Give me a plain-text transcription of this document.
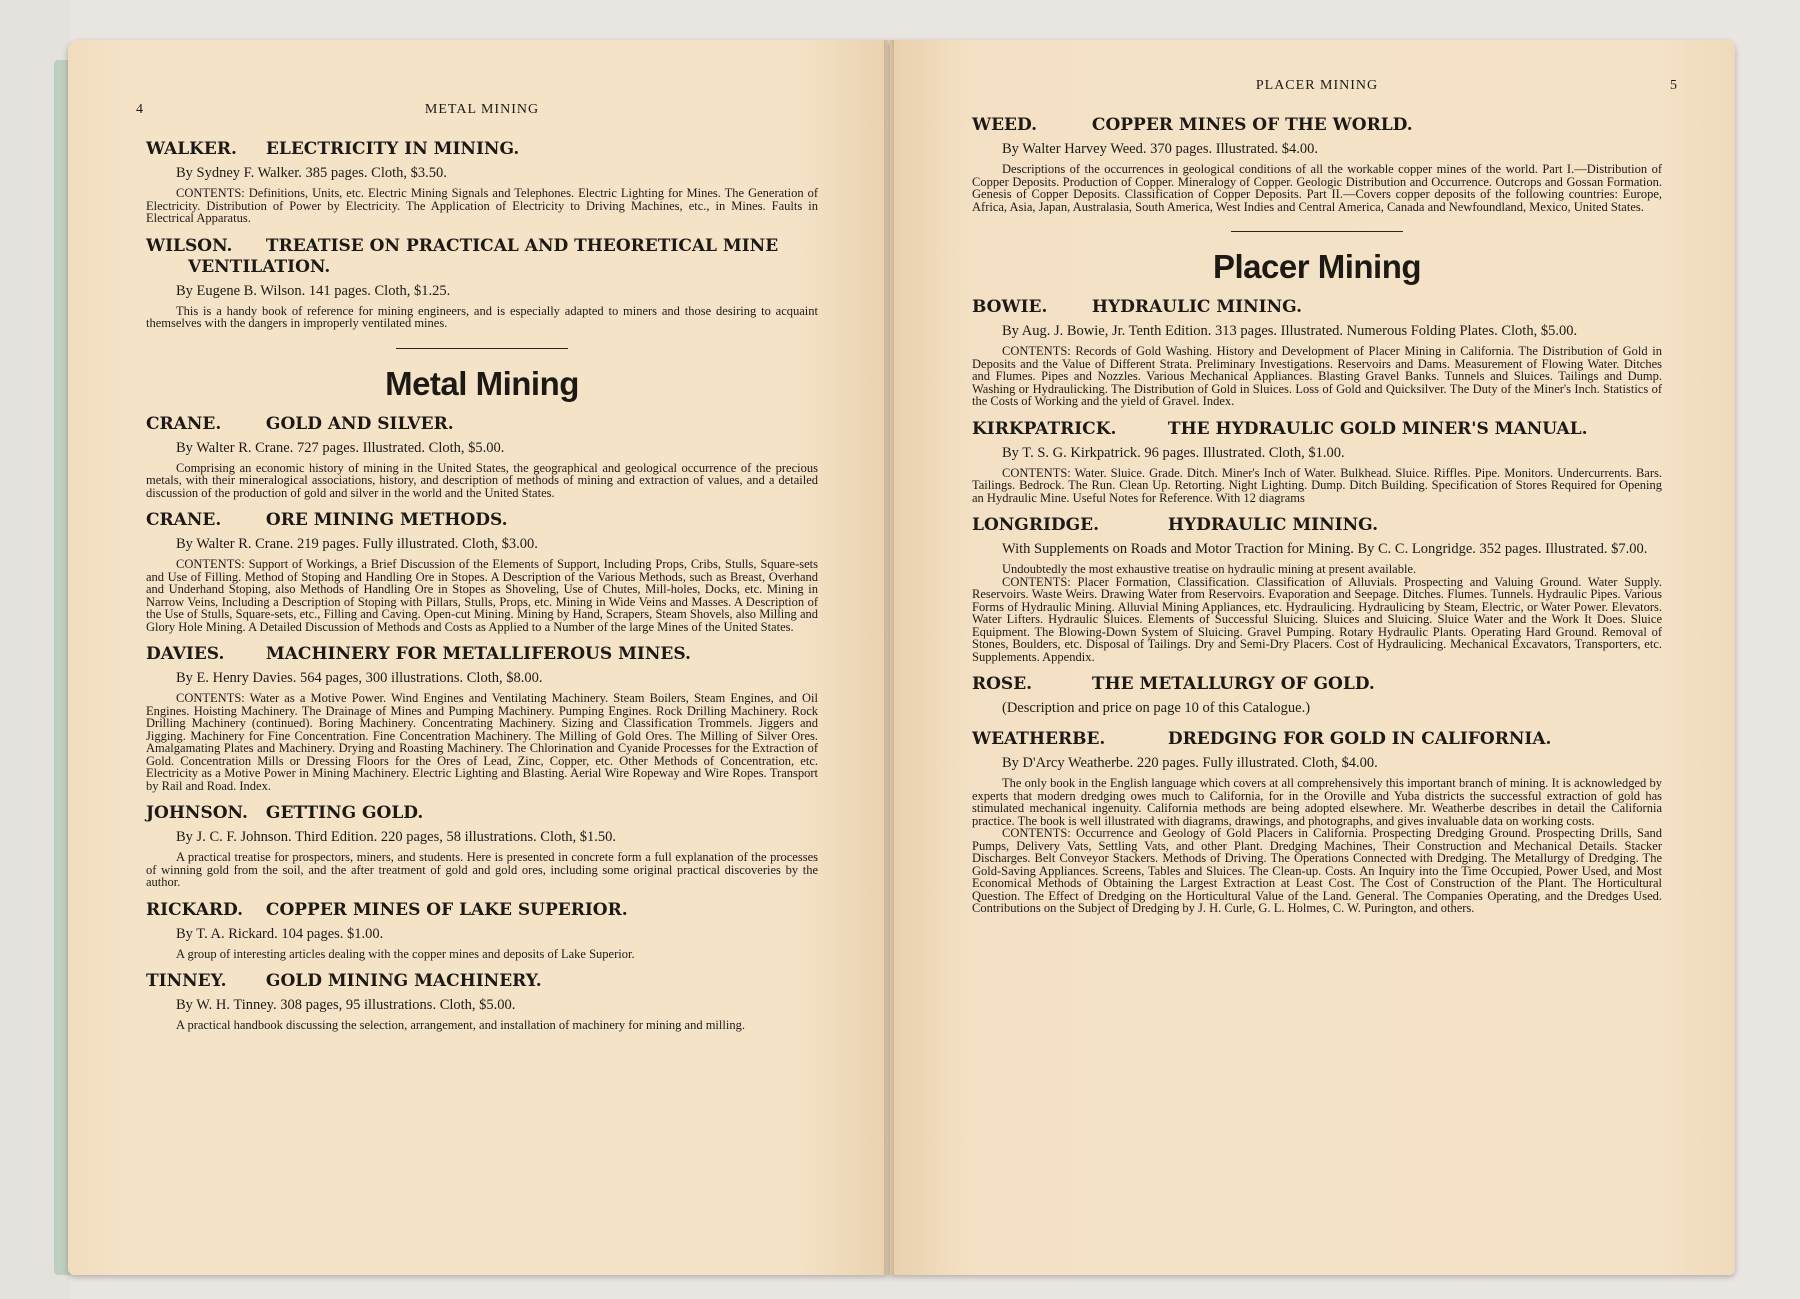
4	METAL MINING
WALKER. ELECTRICITY IN MINING.
By Sydney F. Walker. 385 pages. Cloth, $3.50.
CONTENTS: Definitions, Units, etc. Electric Mining Signals and Telephones. Electric Lighting for Mines. The Generation of Electricity. Distribution of Power by Electricity. The Application of Electricity to Driving Machines, etc., in Mines. Faults in Electrical Apparatus.
WILSON. TREATISE ON PRACTICAL AND THEORETICAL MINE
VENTILATION.
By Eugene B. Wilson. 141 pages. Cloth, $1.25.
This is a handy book of reference for mining engineers, and is especially adapted to miners and those desiring to acquaint themselves with the dangers in improperly ventilated mines.
Metal Mining
CRANE.	GOLD AND SILVER.
By Walter R. Crane. 727 pages. Illustrated. Cloth, $5.00.
Comprising an economic history of mining in the United States, the geographical and geological occurrence of the precious metals, with their mineralogical associations, history, and description of methods of mining and extraction of values, and a detailed discussion of the production of gold and silver in the world and the United States.
CRANE.	ORE MINING METHODS.
By Walter R. Crane. 219 pages. Fully illustrated. Cloth, $3.00.
CONTENTS: Support of Workings, a Brief Discussion of the Elements of Support, Including Props, Cribs, Stulls, Square-sets and Use of Filling. Method of Stoping and Handling Ore in Stopes. A Description of the Various Methods, such as Breast, Overhand and Underhand Stoping, also Methods of Handling Ore in Stopes as Shoveling, Use of Chutes, Mill-holes, Docks, etc. Mining in Narrow Veins, Including a Description of Stoping with Pillars, Stulls, Props, etc. Mining in Wide Veins and Masses. A Description of the Use of Stulls, Square-sets, etc., Filling and Caving. Open-cut Mining. Mining by Hand, Scrapers, Steam Shovels, also Milling and Glory Hole Mining. A Detailed Discussion of Methods and Costs as Applied to a Number of the large Mines of the United States.
DAVIES. MACHINERY FOR METALLIFEROUS MINES.
By E. Henry Davies. 564 pages, 300 illustrations. Cloth, $8.00.
CONTENTS: Water as a Motive Power. Wind Engines and Ventilating Machinery. Steam Boilers, Steam Engines, and Oil Engines. Hoisting Machinery. The Drainage of Mines and Pumping Machinery. Pumping Engines. Rock Drilling Machinery. Rock Drilling Machinery (continued). Boring Machinery. Concentrating Machinery. Sizing and Classification Trommels. Jiggers and Jigging. Machinery for Fine Concentration. Fine Concentration Machinery. The Milling of Gold Ores. The Milling of Silver Ores. Amalgamating Plates and Machinery. Drying and Roasting Machinery. The Chlorination and Cyanide Processes for the Extraction of Gold. Concentration Mills or Dressing Floors for the Ores of Lead, Zinc, Copper, etc. Other Methods of Concentration, etc. Electricity as a Motive Power in Mining Machinery. Electric Lighting and Blasting. Aerial Wire Ropeway and Wire Ropes. Transport by Rail and Road. Index.
JOHNSON. GETTING GOLD.
By J. C. F. Johnson. Third Edition. 220 pages, 58 illustrations. Cloth, $1.50.
A practical treatise for prospectors, miners, and students. Here is presented in concrete form a full explanation of the processes of winning gold from the soil, and the after treatment of gold and gold ores, including some original practical discoveries by the author.
RICKARD. COPPER MINES OF LAKE SUPERIOR.
By T. A. Rickard. 104 pages. $1.00.
A group of interesting articles dealing with the copper mines and deposits of Lake Superior.
TINNEY. GOLD MINING MACHINERY.
By W. H. Tinney. 308 pages, 95 illustrations. Cloth, $5.00.
A practical handbook discussing the selection, arrangement, and installation of machinery for mining and milling.
PLACER MINING	5
WEED.	COPPER MINES OF THE WORLD.
By Walter Harvey Weed. 370 pages. Illustrated. $4.00.
Descriptions of the occurrences in geological conditions of all the workable copper mines of the world. Part I.—Distribution of Copper Deposits. Production of Copper. Mineralogy of Copper. Geologic Distribution and Occurrence. Outcrops and Gossan Formation. Genesis of Copper Deposits. Classification of Copper Deposits. Part II.—Covers copper deposits of the following countries: Europe, Africa, Asia, Japan, Australasia, South America, West Indies and Central America, Canada and Newfoundland, Mexico, United States.
Placer Mining
BOWIE.	HYDRAULIC MINING.
By Aug. J. Bowie, Jr. Tenth Edition. 313 pages. Illustrated. Numerous Folding Plates. Cloth, $5.00.
CONTENTS: Records of Gold Washing. History and Development of Placer Mining in California. The Distribution of Gold in Deposits and the Value of Different Strata. Preliminary Investigations. Reservoirs and Dams. Measurement of Flowing Water. Ditches and Flumes. Pipes and Nozzles. Various Mechanical Appliances. Blasting Gravel Banks. Tunnels and Sluices. Tailings and Dump. Washing or Hydraulicking. The Distribution of Gold in Sluices. Loss of Gold and Quicksilver. The Duty of the Miner's Inch. Statistics of the Costs of Working and the yield of Gravel. Index.
KIRKPATRICK.	THE HYDRAULIC GOLD MINER'S MANUAL.
By T. S. G. Kirkpatrick. 96 pages. Illustrated. Cloth, $1.00.
CONTENTS: Water. Sluice. Grade. Ditch. Miner's Inch of Water. Bulkhead. Sluice. Riffles. Pipe. Monitors. Undercurrents. Bars. Tailings. Bedrock. The Run. Clean Up. Retorting. Night Lighting. Dump. Ditch Building. Specification of Stores Required for Opening an Hydraulic Mine. Useful Notes for Reference. With 12 diagrams
LONGRIDGE.	HYDRAULIC MINING.
With Supplements on Roads and Motor Traction for Mining. By C. C. Longridge. 352 pages. Illustrated. $7.00.
Undoubtedly the most exhaustive treatise on hydraulic mining at present available.
CONTENTS: Placer Formation, Classification. Classification of Alluvials. Prospecting and Valuing Ground. Water Supply. Reservoirs. Waste Weirs. Drawing Water from Reservoirs. Evaporation and Seepage. Ditches. Flumes. Tunnels. Hydraulic Pipes. Various Forms of Hydraulic Mining. Alluvial Mining Appliances, etc. Hydraulicing. Hydraulicing by Steam, Electric, or Water Power. Elevators. Water Lifters. Hydraulic Sluices. Elements of Successful Sluicing. Sluices and Sluicing. Sluice Water and the Work It Does. Sluice Equipment. The Blowing-Down System of Sluicing. Gravel Pumping. Rotary Hydraulic Plants. Operating Hard Ground. Removal of Stones, Boulders, etc. Disposal of Tailings. Dry and Semi-Dry Placers. Cost of Hydraulicing. Mechanical Excavators, Transporters, etc. Supplements. Appendix.
ROSE.	THE METALLURGY OF GOLD.
(Description and price on page 10 of this Catalogue.)
WEATHERBE.	DREDGING FOR GOLD IN CALIFORNIA.
By D'Arcy Weatherbe. 220 pages. Fully illustrated. Cloth, $4.00.
The only book in the English language which covers at all comprehensively this important branch of mining. It is acknowledged by experts that modern dredging owes much to California, for in the Oroville and Yuba districts the successful extraction of gold has stimulated mechanical ingenuity. California methods are being adopted elsewhere. Mr. Weatherbe describes in detail the California practice. The book is well illustrated with diagrams, drawings, and photographs, and gives invaluable data on working costs.
CONTENTS: Occurrence and Geology of Gold Placers in California. Prospecting Dredging Ground. Prospecting Drills, Sand Pumps, Delivery Vats, Settling Vats, and other Plant. Dredging Machines, Their Construction and Mechanical Details. Stacker Discharges. Belt Conveyor Stackers. Methods of Driving. The Operations Connected with Dredging. The Metallurgy of Dredging. The Gold-Saving Appliances. Screens, Tables and Sluices. The Clean-up. Costs. An Inquiry into the Time Occupied, Power Used, and Most Economical Methods of Obtaining the Largest Extraction at Least Cost. The Cost of Construction of the Plant. The Horticultural Question. The Effect of Dredging on the Horticultural Value of the Land. General. The Companies Operating, and the Dredges Used. Contributions on the Subject of Dredging by J. H. Curle, G. L. Holmes, C. W. Purington, and others.
